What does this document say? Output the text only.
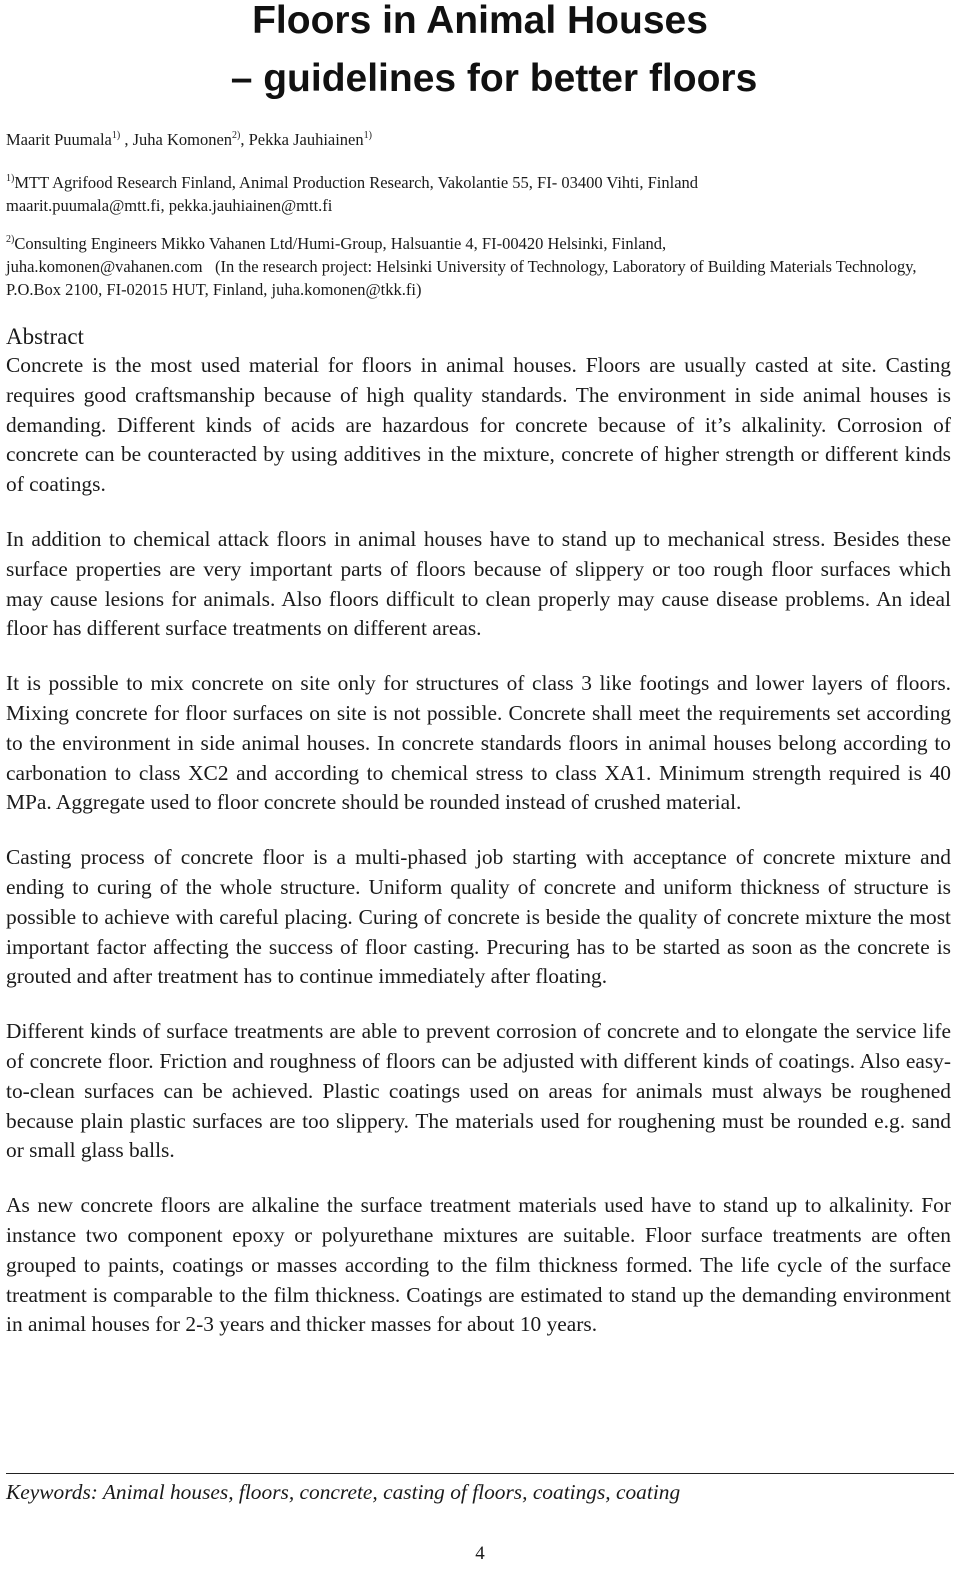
Floors in Animal Houses
– guidelines for better floors

Maarit Puumala$^{1)}$ , Juha Komonen$^{2)}$, Pekka Jauhiainen$^{1)}$

$^{1)}$MTT Agrifood Research Finland, Animal Production Research, Vakolantie 55, FI- 03400 Vihti, Finland
maarit.puumala@mtt.fi, pekka.jauhiainen@mtt.fi

$^{2)}$Consulting Engineers Mikko Vahanen Ltd/Humi-Group, Halsuantie 4, FI-00420 Helsinki, Finland,
juha.komonen@vahanen.com (In the research project: Helsinki University of Technology, Laboratory of Building Materials Technology, P.O.Box 2100, FI-02015 HUT, Finland, juha.komonen@tkk.fi)

Abstract

Concrete is the most used material for floors in animal houses. Floors are usually casted at site. Casting requires good craftsmanship because of high quality standards. The environment in side animal houses is demanding. Different kinds of acids are hazardous for concrete because of it’s alkalinity. Corrosion of concrete can be counteracted by using additives in the mixture, concrete of higher strength or different kinds of coatings.

In addition to chemical attack floors in animal houses have to stand up to mechanical stress. Besides these surface properties are very important parts of floors because of slippery or too rough floor surfaces which may cause lesions for animals. Also floors difficult to clean properly may cause disease problems. An ideal floor has different surface treatments on different areas.

It is possible to mix concrete on site only for structures of class 3 like footings and lower layers of floors. Mixing concrete for floor surfaces on site is not possible. Concrete shall meet the requirements set according to the environment in side animal houses. In concrete standards floors in animal houses belong according to carbonation to class XC2 and according to chemical stress to class XA1. Minimum strength required is 40 MPa. Aggregate used to floor concrete should be rounded instead of crushed material.

Casting process of concrete floor is a multi-phased job starting with acceptance of concrete mixture and ending to curing of the whole structure. Uniform quality of concrete and uniform thickness of structure is possible to achieve with careful placing. Curing of concrete is beside the quality of concrete mixture the most important factor affecting the success of floor casting. Precuring has to be started as soon as the concrete is grouted and after treatment has to continue immediately after floating.

Different kinds of surface treatments are able to prevent corrosion of concrete and to elongate the service life of concrete floor. Friction and roughness of floors can be adjusted with different kinds of coatings. Also easy-to-clean surfaces can be achieved. Plastic coatings used on areas for animals must always be roughened because plain plastic surfaces are too slippery. The materials used for roughening must be rounded e.g. sand or small glass balls.

As new concrete floors are alkaline the surface treatment materials used have to stand up to alkalinity. For instance two component epoxy or polyurethane mixtures are suitable. Floor surface treatments are often grouped to paints, coatings or masses according to the film thickness formed. The life cycle of the surface treatment is comparable to the film thickness. Coatings are estimated to stand up the demanding environment in animal houses for 2-3 years and thicker masses for about 10 years.

Keywords: Animal houses, floors, concrete, casting of floors, coatings, coating

4
